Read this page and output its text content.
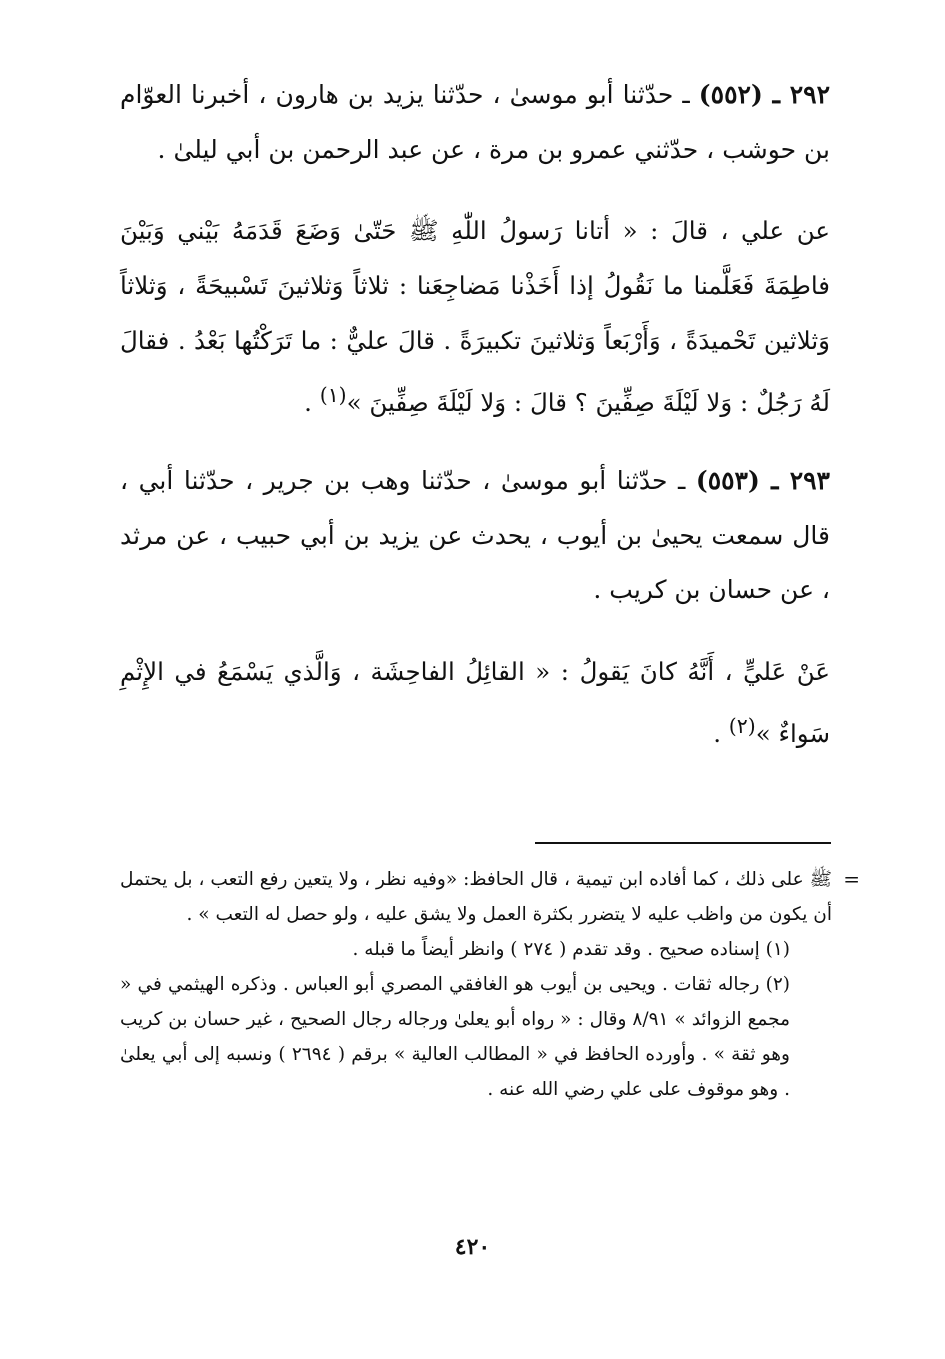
٢٩٢ ـ (٥٥٢) ـ حدّثنا أبو موسىٰ ، حدّثنا يزيد بن هارون ، أخبرنا العوّام بن حوشب ، حدّثني عمرو بن مرة ، عن عبد الرحمن بن أبي ليلىٰ .

عن علي ، قالَ : « أتانا رَسولُ اللّٰهِ ﷺ حَتّىٰ وَضَعَ قَدَمَهُ بَيْني وَبَيْنَ فاطِمَةَ فَعَلَّمنا ما نَقُولُ إذا أَخَذْنا مَضاجِعَنا : ثلاثاً وَثلاثينَ تَسْبيحَةً ، وَثلاثاً وَثلاثين تَحْميدَةً ، وَأَرْبَعاً وَثلاثينَ تكبيرَةً . قالَ عليٌّ : ما تَرَكْتُها بَعْدُ . فقالَ لَهُ رَجُلٌ : وَلا لَيْلَةَ صِفِّينَ ؟ قالَ : وَلا لَيْلَةَ صِفِّينَ »$^{(١)}$ .

٢٩٣ ـ (٥٥٣) ـ حدّثنا أبو موسىٰ ، حدّثنا وهب بن جرير ، حدّثنا أبي ، قال سمعت يحيىٰ بن أيوب ، يحدث عن يزيد بن أبي حبيب ، عن مرثد ، عن حسان بن كريب .

عَنْ عَليٍّ ، أَنَّهُ كانَ يَقولُ : « القائِلُ الفاحِشَة ، وَالَّذي يَسْمَعُ في الإِثْمِ سَواءٌ »$^{(٢)}$ .

=

ﷺ على ذلك ، كما أفاده ابن تيمية ، قال الحافظ: «وفيه نظر ، ولا يتعين رفع التعب ، بل يحتمل أن يكون من واظب عليه لا يتضرر بكثرة العمل ولا يشق عليه ، ولو حصل له التعب » .

(١) إسناده صحيح . وقد تقدم ( ٢٧٤ ) وانظر أيضاً ما قبله .

(٢) رجاله ثقات . ويحيى بن أيوب هو الغافقي المصري أبو العباس . وذكره الهيثمي في « مجمع الزوائد » ٨/٩١ وقال : « رواه أبو يعلىٰ ورجاله رجال الصحيح ، غير حسان بن كريب وهو ثقة » . وأورده الحافظ في « المطالب العالية » برقم ( ٢٦٩٤ ) ونسبه إلى أبي يعلىٰ . وهو موقوف على علي رضي الله عنه .

٤٢٠
